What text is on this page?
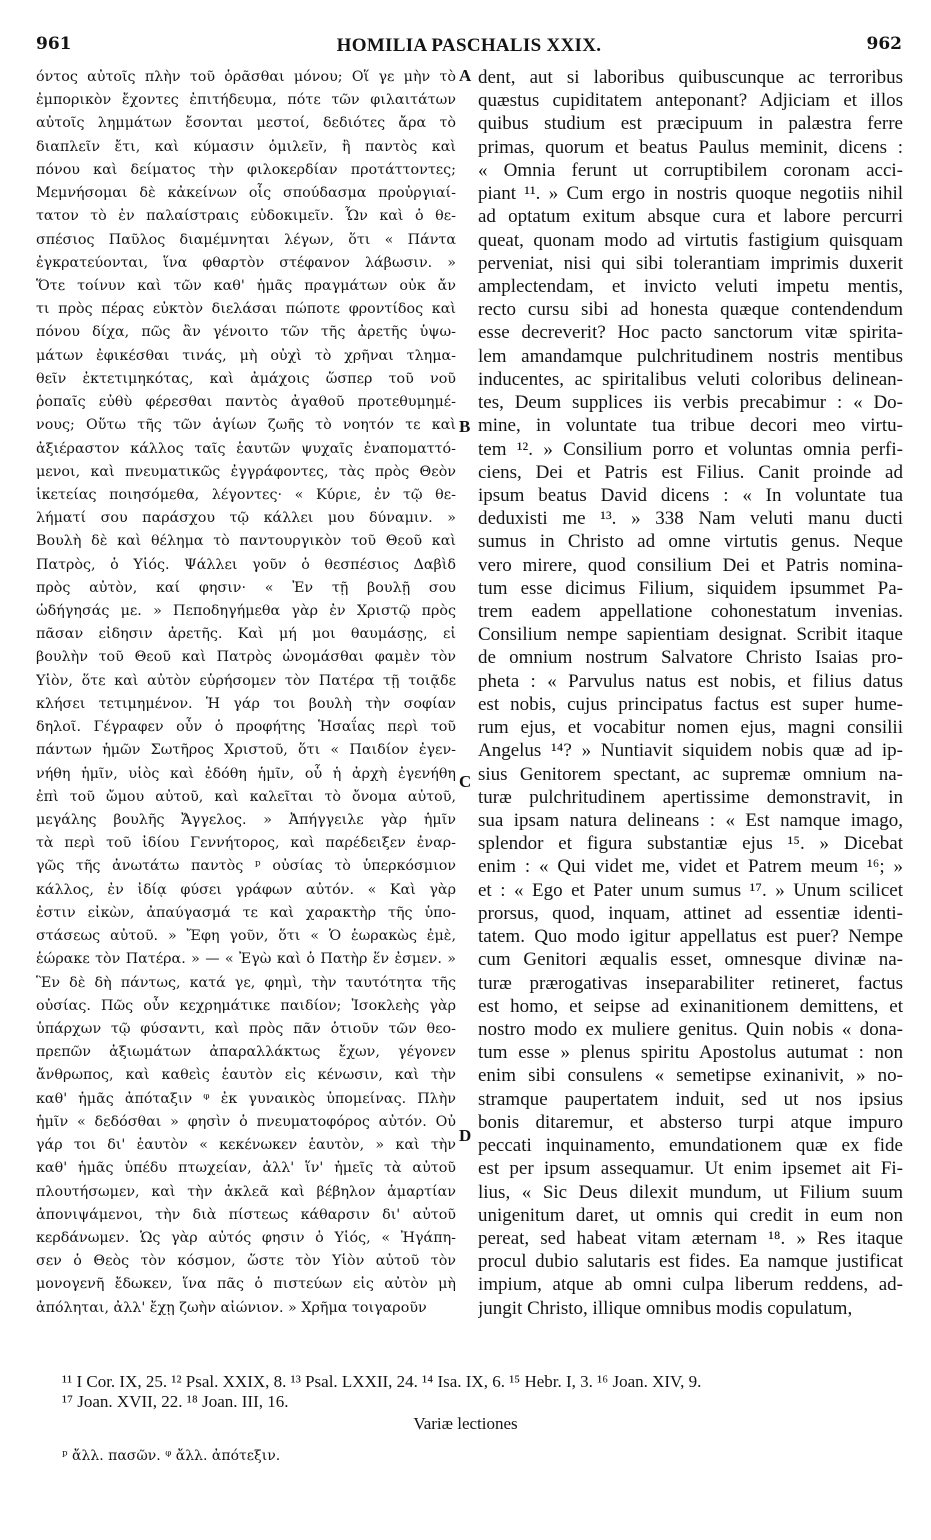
961	HOMILIA PASCHALIS XXIX.	962
όντος αὐτοῖς πλὴν τοῦ ὁρᾶσθαι μόνου; Οἵ γε μὴν τὸ
ἐμπορικὸν ἔχοντες ἐπιτήδευμα, πότε τῶν φιλαιτάτων
αὐτοῖς λημμάτων ἔσονται μεστοί, δεδιότες ἄρα τὸ
διαπλεῖν ἔτι, καὶ κύμασιν ὁμιλεῖν, ἢ παντὸς καὶ
πόνου καὶ δείματος τὴν φιλοκερδίαν προτάττοντες;
Μεμνήσομαι δὲ κἀκείνων οἷς σπούδασμα προὐργιαί-
τατον τὸ ἐν παλαίστραις εὐδοκιμεῖν. Ὧν καὶ ὁ θε-
σπέσιος Παῦλος διαμέμνηται λέγων, ὅτι « Πάντα
ἐγκρατεύονται, ἵνα φθαρτὸν στέφανον λάβωσιν. »
Ὅτε τοίνυν καὶ τῶν καθ' ἡμᾶς πραγμάτων οὐκ ἄν
τι πρὸς πέρας εὐκτὸν διελάσαι πώποτε φροντίδος καὶ
πόνου δίχα, πῶς ἂν γένοιτο τῶν τῆς ἀρετῆς ὑψω-
μάτων ἐφικέσθαι τινάς, μὴ οὐχὶ τὸ χρῆναι τλημα-
θεῖν ἐκτετιμηκότας, καὶ ἀμάχοις ὥσπερ τοῦ νοῦ
ῥοπαῖς εὐθὺ φέρεσθαι παντὸς ἀγαθοῦ προτεθυμημέ-
νους; Οὕτω τῆς τῶν ἁγίων ζωῆς τὸ νοητόν τε καὶ
ἀξιέραστον κάλλος ταῖς ἑαυτῶν ψυχαῖς ἐναποματτό-
μενοι, καὶ πνευματικῶς ἐγγράφοντες, τὰς πρὸς Θεὸν
ἱκετείας ποιησόμεθα, λέγοντες· « Κύριε, ἐν τῷ θε-
λήματί σου παράσχου τῷ κάλλει μου δύναμιν. »
Βουλὴ δὲ καὶ θέλημα τὸ παντουργικὸν τοῦ Θεοῦ καὶ
Πατρὸς, ὁ Υἱός. Ψάλλει γοῦν ὁ θεσπέσιος Δαβὶδ
πρὸς αὐτὸν, καί φησιν· « Ἐν τῇ βουλῇ σου
ὡδήγησάς με. » Πεποδηγήμεθα γὰρ ἐν Χριστῷ πρὸς
πᾶσαν εἰδησιν ἀρετῆς. Καὶ μή μοι θαυμάσῃς, εἰ
βουλὴν τοῦ Θεοῦ καὶ Πατρὸς ὠνομάσθαι φαμὲν τὸν
Υἱὸν, ὅτε καὶ αὐτὸν εὑρήσομεν τὸν Πατέρα τῇ τοιᾷδε
κλήσει τετιμημένον. Ἡ γάρ τοι βουλὴ τὴν σοφίαν
δηλοῖ. Γέγραφεν οὖν ὁ προφήτης Ἡσαΐας περὶ τοῦ
πάντων ἡμῶν Σωτῆρος Χριστοῦ, ὅτι « Παιδίον ἐγεν-
νήθη ἡμῖν, υἱὸς καὶ ἐδόθη ἡμῖν, οὗ ἡ ἀρχὴ ἐγενήθη
ἐπὶ τοῦ ὤμου αὐτοῦ, καὶ καλεῖται τὸ ὄνομα αὐτοῦ,
μεγάλης βουλῆς Ἄγγελος. » Ἀπήγγειλε γὰρ ἡμῖν
τὰ περὶ τοῦ ἰδίου Γεννήτορος, καὶ παρέδειξεν ἐναρ-
γῶς τῆς ἀνωτάτω παντὸς ᵖ οὐσίας τὸ ὑπερκόσμιον
κάλλος, ἐν ἰδίᾳ φύσει γράφων αὐτόν. « Καὶ γὰρ
ἐστιν εἰκὼν, ἀπαύγασμά τε καὶ χαρακτὴρ τῆς ὑπο-
στάσεως αὐτοῦ. » Ἔφη γοῦν, ὅτι « Ὁ ἑωρακὼς ἐμὲ,
ἑώρακε τὸν Πατέρα. » — « Ἐγὼ καὶ ὁ Πατὴρ ἕν ἐσμεν. »
Ἓν δὲ δὴ πάντως, κατά γε, φημὶ, τὴν ταυτότητα τῆς
οὐσίας. Πῶς οὖν κεχρημάτικε παιδίον; Ἰσοκλεὴς γὰρ
ὑπάρχων τῷ φύσαντι, καὶ πρὸς πᾶν ὁτιοῦν τῶν θεο-
πρεπῶν ἀξιωμάτων ἀπαραλλάκτως ἔχων, γέγονεν
ἄνθρωπος, καὶ καθεὶς ἑαυτὸν εἰς κένωσιν, καὶ τὴν
καθ' ἡμᾶς ἀπόταξιν ᵠ ἐκ γυναικὸς ὑπομείνας. Πλὴν
ἡμῖν « δεδόσθαι » φησὶν ὁ πνευματοφόρος αὐτόν. Οὐ
γάρ τοι δι' ἑαυτὸν « κεκένωκεν ἑαυτὸν, » καὶ τὴν
καθ' ἡμᾶς ὑπέδυ πτωχείαν, ἀλλ' ἵν' ἡμεῖς τὰ αὐτοῦ
πλουτήσωμεν, καὶ τὴν ἀκλεᾶ καὶ βέβηλον ἁμαρτίαν
ἀπονιψάμενοι, τὴν διὰ πίστεως κάθαρσιν δι' αὐτοῦ
κερδάνωμεν. Ὡς γὰρ αὐτός φησιν ὁ Υἱός, « Ἠγάπη-
σεν ὁ Θεὸς τὸν κόσμον, ὥστε τὸν Υἱὸν αὐτοῦ τὸν
μονογενῆ ἔδωκεν, ἵνα πᾶς ὁ πιστεύων εἰς αὐτὸν μὴ
ἀπόληται, ἀλλ' ἔχῃ ζωὴν αἰώνιον. » Χρῆμα τοιγαροῦν
dent, aut si laboribus quibuscunque ac terroribus
quæstus cupiditatem anteponant? Adjiciam et illos
quibus studium est præcipuum in palæstra ferre
primas, quorum et beatus Paulus meminit, dicens :
« Omnia ferunt ut corruptibilem coronam acci-
piant ¹¹. » Cum ergo in nostris quoque negotiis nihil
ad optatum exitum absque cura et labore percurri
queat, quonam modo ad virtutis fastigium quisquam
perveniat, nisi qui sibi tolerantiam imprimis duxerit
amplectendam, et invicto veluti impetu mentis,
recto cursu sibi ad honesta quæque contendendum
esse decreverit? Hoc pacto sanctorum vitæ spirita-
lem amandamque pulchritudinem nostris mentibus
inducentes, ac spiritalibus veluti coloribus delinean-
tes, Deum supplices iis verbis precabimur : « Do-
mine, in voluntate tua tribue decori meo virtu-
tem ¹². » Consilium porro et voluntas omnia perfi-
ciens, Dei et Patris est Filius. Canit proinde ad
ipsum beatus David dicens : « In voluntate tua
deduxisti me ¹³. » 338 Nam veluti manu ducti
sumus in Christo ad omne virtutis genus. Neque
vero mirere, quod consilium Dei et Patris nomina-
tum esse dicimus Filium, siquidem ipsummet Pa-
trem eadem appellatione cohonestatum invenias.
Consilium nempe sapientiam designat. Scribit itaque
de omnium nostrum Salvatore Christo Isaias pro-
pheta : « Parvulus natus est nobis, et filius datus
est nobis, cujus principatus factus est super hume-
rum ejus, et vocabitur nomen ejus, magni consilii
Angelus ¹⁴? » Nuntiavit siquidem nobis quæ ad ip-
sius Genitorem spectant, ac supremæ omnium na-
turæ pulchritudinem apertissime demonstravit, in
sua ipsam natura delineans : « Est namque imago,
splendor et figura substantiæ ejus ¹⁵. » Dicebat
enim : « Qui videt me, videt et Patrem meum ¹⁶; »
et : « Ego et Pater unum sumus ¹⁷. » Unum scilicet
prorsus, quod, inquam, attinet ad essentiæ identi-
tatem. Quo modo igitur appellatus est puer? Nempe
cum Genitori æqualis esset, omnesque divinæ na-
turæ prærogativas inseparabiliter retineret, factus
est homo, et seipse ad exinanitionem demittens, et
nostro modo ex muliere genitus. Quin nobis « dona-
tum esse » plenus spiritu Apostolus autumat : non
enim sibi consulens « semetipse exinanivit, » no-
stramque paupertatem induit, sed ut nos ipsius
bonis ditaremur, et absterso turpi atque impuro
peccati inquinamento, emundationem quæ ex fide
est per ipsum assequamur. Ut enim ipsemet ait Fi-
lius, « Sic Deus dilexit mundum, ut Filium suum
unigenitum daret, ut omnis qui credit in eum non
pereat, sed habeat vitam æternam ¹⁸. » Res itaque
procul dubio salutaris est fides. Ea namque justificat
impium, atque ab omni culpa liberum reddens, ad-
jungit Christo, illique omnibus modis copulatum,
A
B
C
D
¹¹ I Cor. IX, 25. ¹² Psal. XXIX, 8. ¹³ Psal. LXXII, 24. ¹⁴ Isa. IX, 6. ¹⁵ Hebr. I, 3. ¹⁶ Joan. XIV, 9.
¹⁷ Joan. XVII, 22. ¹⁸ Joan. III, 16.
Variæ lectiones
ᵖ ἄλλ. πασῶν. ᵠ ἄλλ. ἀπότεξιν.
